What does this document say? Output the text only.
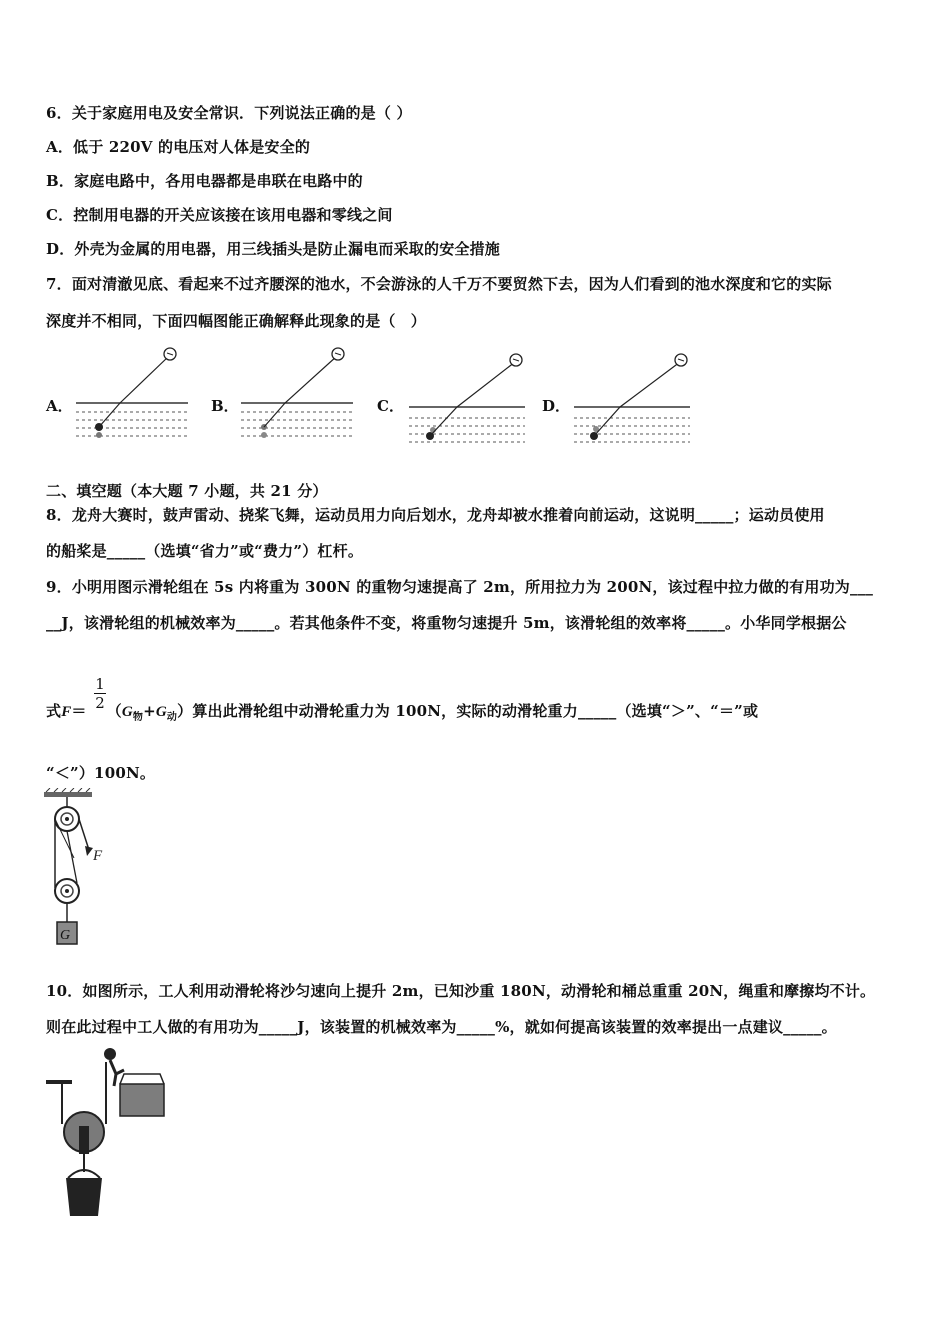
6．关于家庭用电及安全常识．下列说法正确的是（ ）
A．低于 220V 的电压对人体是安全的
B．家庭电路中，各用电器都是串联在电路中的
C．控制用电器的开关应该接在该用电器和零线之间
D．外壳为金属的用电器，用三线插头是防止漏电而采取的安全措施
7．面对清澈见底、看起来不过齐腰深的池水，不会游泳的人千万不要贸然下去，因为人们看到的池水深度和它的实际
深度并不相同，下面四幅图能正确解释此现象的是（　）
A．	B．	C．	D．
二、填空题（本大题 7 小题，共 21 分）
8．龙舟大赛时，鼓声雷动、挠桨飞舞，运动员用力向后划水，龙舟却被水推着向前运动，这说明_____；运动员使用
的船桨是_____（选填“省力”或“费力”）杠杆。
9．小明用图示滑轮组在 5s 内将重为 300N 的重物匀速提高了 2m，所用拉力为 200N，该过程中拉力做的有用功为___
__J，该滑轮组的机械效率为_____。若其他条件不变，将重物匀速提升 5m，该滑轮组的效率将_____。小华同学根据公
式$F= (G_物+G_动)$算出此滑轮组中动滑轮重力为 100N，实际的动滑轮重力_____（选填“＞”、“＝”或
1
2
“＜”）100N。
F
G
10．如图所示，工人利用动滑轮将沙匀速向上提升 2m，已知沙重 180N，动滑轮和桶总重重 20N，绳重和摩擦均不计。
则在此过程中工人做的有用功为_____J，该装置的机械效率为_____%，就如何提高该装置的效率提出一点建议_____。
